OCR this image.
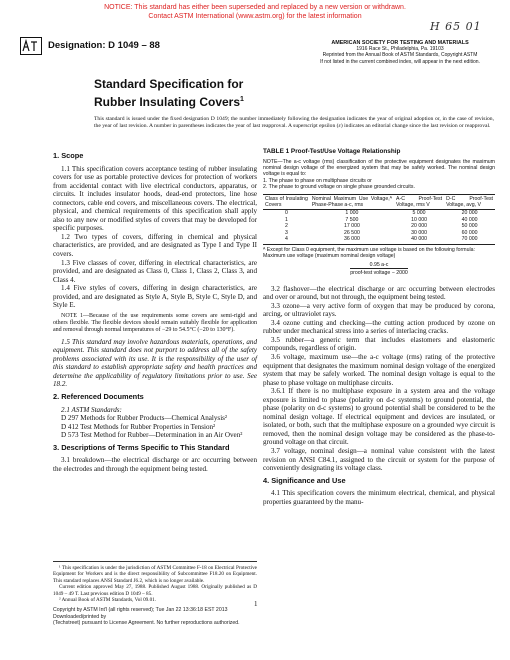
NOTICE: This standard has either been superseded and replaced by a new version or withdrawn.
Contact ASTM International (www.astm.org) for the latest information
H 65 01
Designation: D 1049 – 88	AMERICAN SOCIETY FOR TESTING AND MATERIALS
1916 Race St., Philadelphia, Pa. 19103
Reprinted from the Annual Book of ASTM Standards, Copyright ASTM
If not listed in the current combined index, will appear in the next edition.
Standard Specification for
Rubber Insulating Covers$^1$
This standard is issued under the fixed designation D 1049; the number immediately following the designation indicates the year of original adoption or, in the case of revision, the year of last revision. A number in parentheses indicates the year of last reapproval. A superscript epsilon (ε) indicates an editorial change since the last revision or reapproval.
1. Scope

1.1 This specification covers acceptance testing of rubber insulating covers for use as portable protective devices for protection of workers from accidental contact with live electrical conductors, apparatus, or circuits. It includes insulator hoods, dead-end protectors, line hose connectors, cable end covers, and miscellaneous covers. The electrical, physical, and chemical requirements of this specification shall apply also to any new or modified styles of covers that may be developed for specific purposes.

1.2 Two types of covers, differing in chemical and physical characteristics, are provided, and are designated as Type I and Type II covers.

1.3 Five classes of cover, differing in electrical characteristics, are provided, and are designated as Class 0, Class 1, Class 2, Class 3, and Class 4.

1.4 Five styles of covers, differing in design characteristics, are provided, and are designated as Style A, Style B, Style C, Style D, and Style E.

NOTE 1—Because of the use requirements some covers are semi-rigid and others flexible. The flexible devices should remain suitably flexible for application and removal through normal temperatures of −29 to 54.5°C (−20 to 130°F).

1.5 This standard may involve hazardous materials, operations, and equipment. This standard does not purport to address all of the safety problems associated with its use. It is the responsibility of the user of this standard to establish appropriate safety and health practices and determine the applicability of regulatory limitations prior to use. See 18.2.

2. Referenced Documents

2.1 ASTM Standards:

D 297 Methods for Rubber Products—Chemical Analysis²

D 412 Test Methods for Rubber Properties in Tension²

D 573 Test Method for Rubber—Determination in an Air Oven²

3. Descriptions of Terms Specific to This Standard

3.1 breakdown—the electrical discharge or arc occurring between the electrodes and through the equipment being tested.

¹ This specification is under the jurisdiction of ASTM Committee F-18 on Electrical Protective Equipment for Workers and is the direct responsibility of Subcommittee F18.20 on Equipment. This standard replaces ANSI Standard J6.2, which is no longer available.

Current edition approved May 27, 1988. Published August 1988. Originally published as D 1049 – 49 T. Last previous edition D 1049 – 85.

² Annual Book of ASTM Standards, Vol 09.01.	1
Copyright by ASTM Int'l (all rights reserved); Tue Jan 22 13:36:18 EST 2013
Downloaded/printed by
(Techstreet) pursuant to License Agreement. No further reproductions authorized.
TABLE 1 Proof-Test/Use Voltage Relationship
NOTE—The a-c voltage (rms) classification of the protective equipment designates the maximum nominal design voltage of the energized system that may be safely worked. The nominal design voltage is equal to:
1. The phase to phase on multiphase circuits or
2. The phase to ground voltage on single phase grounded circuits.
Class of Insulating Covers	Nominal Maximum Use Voltage,ᴬ Phase-Phase a-c, rms	A-C Proof-Test Voltage, rms V	D-C Proof-Test Voltage, avg, V
0	1 000	5 000	20 000
1	7 500	10 000	40 000
2	17 000	20 000	50 000
3	26 500	30 000	60 000
4	36 000	40 000	70 000
ᴬ Except for Class 0 equipment, the maximum use voltage is based on the following formula:
Maximum use voltage (maximum nominal design voltage)
0.95 a-c
proof-test voltage − 2000

3.2 flashover—the electrical discharge or arc occurring between electrodes and over or around, but not through, the equipment being tested.

3.3 ozone—a very active form of oxygen that may be produced by corona, arcing, or ultraviolet rays.

3.4 ozone cutting and checking—the cutting action produced by ozone on rubber under mechanical stress into a series of interlacing cracks.

3.5 rubber—a generic term that includes elastomers and elastomeric compounds, regardless of origin.

3.6 voltage, maximum use—the a-c voltage (rms) rating of the protective equipment that designates the maximum nominal design voltage of the energized system that may be safely worked. The nominal design voltage is equal to the phase to phase voltage on multiphase circuits.

3.6.1 If there is no multiphase exposure in a system area and the voltage exposure is limited to phase (polarity on d-c systems) to ground potential, the phase (polarity on d-c systems) to ground potential shall be considered to be the nominal design voltage. If electrical equipment and devices are insulated, or isolated, or both, such that the multiphase exposure on a grounded wye circuit is removed, then the nominal design voltage may be considered as the phase-to-ground voltage on that circuit.

3.7 voltage, nominal design—a nominal value consistent with the latest revision on ANSI C84.1, assigned to the circuit or system for the purpose of conveniently designating its voltage class.

4. Significance and Use

4.1 This specification covers the minimum electrical, chemical, and physical properties guaranteed by the manu-
